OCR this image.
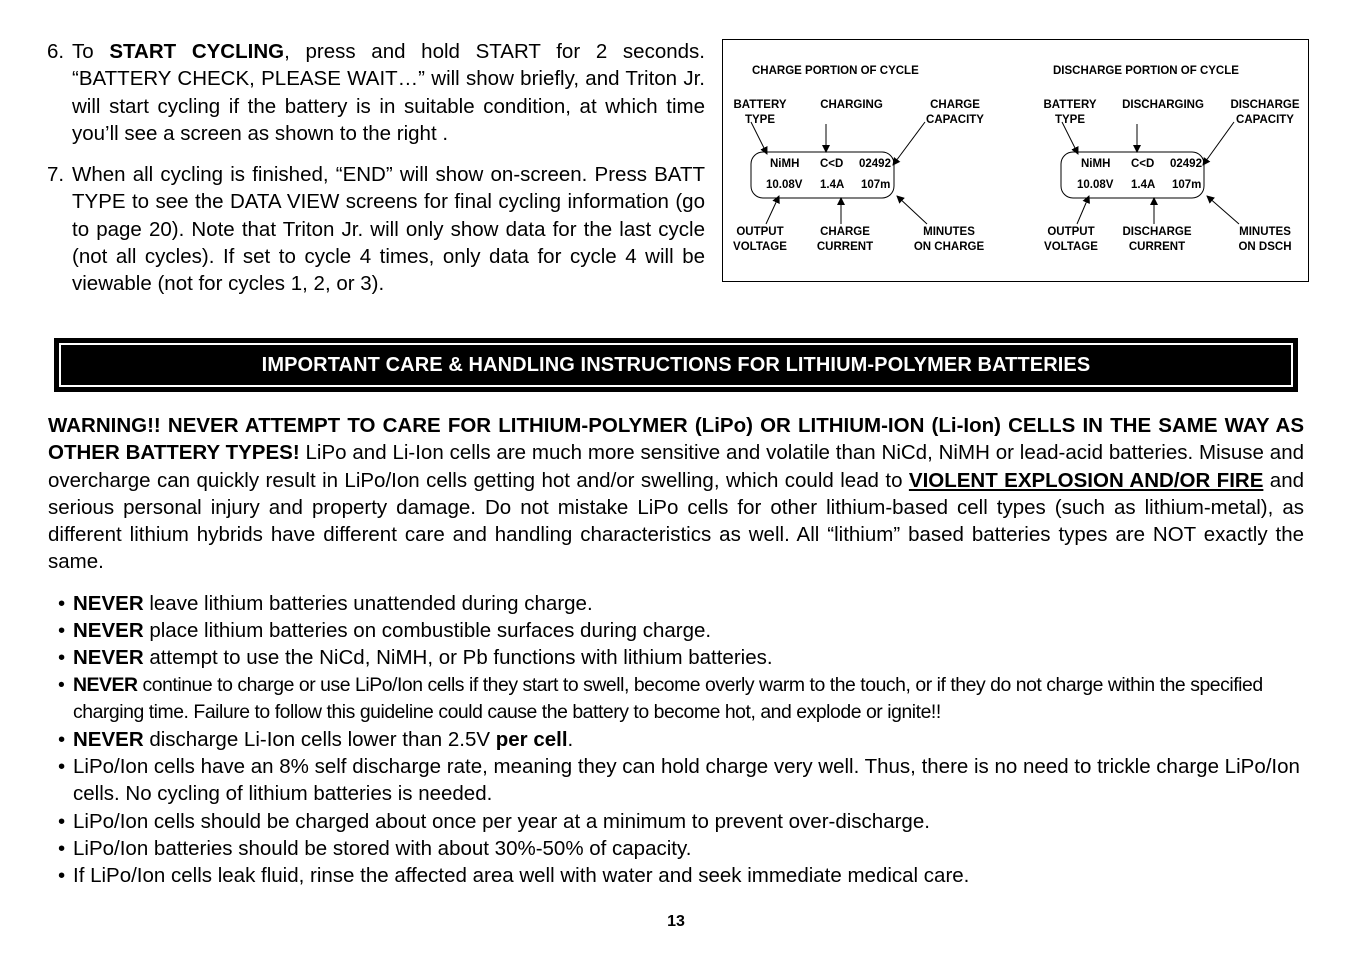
6. To START CYCLING, press and hold START for 2 seconds. “BATTERY CHECK, PLEASE WAIT…” will show briefly, and Triton Jr. will start cycling if the battery is in suitable condition, at which time you’ll see a screen as shown to the right .
7. When all cycling is finished, “END” will show on-screen. Press BATT TYPE to see the DATA VIEW screens for final cycling information (go to page 20). Note that Triton Jr. will only show data for the last cycle (not all cycles). If set to cycle 4 times, only data for cycle 4 will be viewable (not for cycles 1, 2, or 3).
CHARGE PORTION OF CYCLE
BATTERY
TYPE
CHARGING	CHARGE
CAPACITY
NiMH C<D 02492
10.08V 1.4A 107m
OUTPUT
VOLTAGE
CHARGE
CURRENT
MINUTES
ON CHARGE
DISCHARGE PORTION OF CYCLE
BATTERY
TYPE
DISCHARGING	DISCHARGE
CAPACITY
NiMH C<D 02492
10.08V 1.4A 107m
OUTPUT
VOLTAGE
DISCHARGE
CURRENT
MINUTES
ON DSCH
IMPORTANT CARE & HANDLING INSTRUCTIONS FOR LITHIUM-POLYMER BATTERIES
WARNING!! NEVER ATTEMPT TO CARE FOR LITHIUM-POLYMER (LiPo) OR LITHIUM-ION (Li-Ion) CELLS IN THE SAME WAY AS OTHER BATTERY TYPES! LiPo and Li-Ion cells are much more sensitive and volatile than NiCd, NiMH or lead-acid batteries. Misuse and overcharge can quickly result in LiPo/Ion cells getting hot and/or swelling, which could lead to VIOLENT EXPLOSION AND/OR FIRE and serious personal injury and property damage. Do not mistake LiPo cells for other lithium-based cell types (such as lithium-metal), as different lithium hybrids have different care and handling characteristics as well. All “lithium” based batteries types are NOT exactly the same.
• NEVER leave lithium batteries unattended during charge.
• NEVER place lithium batteries on combustible surfaces during charge.
• NEVER attempt to use the NiCd, NiMH, or Pb functions with lithium batteries.
• NEVER continue to charge or use LiPo/Ion cells if they start to swell, become overly warm to the touch, or if they do not charge within the specified charging time. Failure to follow this guideline could cause the battery to become hot, and explode or ignite!!
• NEVER discharge Li-Ion cells lower than 2.5V per cell.
• LiPo/Ion cells have an 8% self discharge rate, meaning they can hold charge very well. Thus, there is no need to trickle charge LiPo/Ion cells. No cycling of lithium batteries is needed.
• LiPo/Ion cells should be charged about once per year at a minimum to prevent over-discharge.
• LiPo/Ion batteries should be stored with about 30%-50% of capacity.
• If LiPo/Ion cells leak fluid, rinse the affected area well with water and seek immediate medical care.
13
